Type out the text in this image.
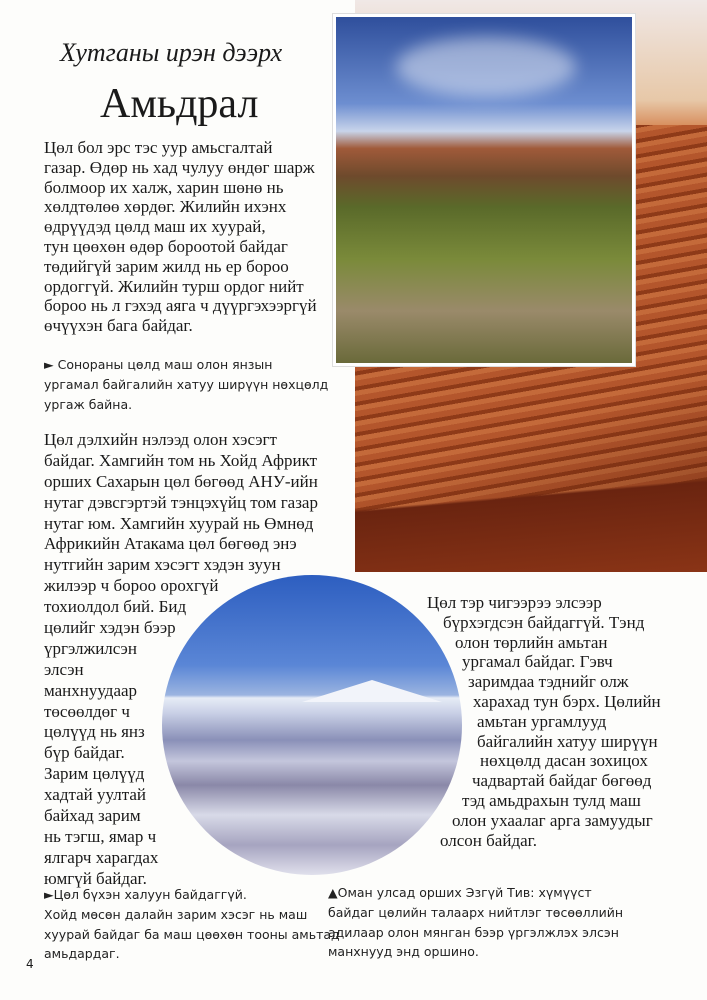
Хутганы ирэн дээрх
Амьдрал
Цөл бол эрс тэс уур амьсгалтай
газар. Өдөр нь хад чулуу өндөг шарж
болмоор их халж, харин шөнө нь
хөлдтөлөө хөрдөг. Жилийн ихэнх
өдрүүдэд цөлд маш их хуурай,
тун цөөхөн өдөр бороотой байдаг
төдийгүй зарим жилд нь ер бороо
ордоггүй. Жилийн турш ордог нийт
бороо нь л гэхэд аяга ч дүүргэхээргүй
өчүүхэн бага байдаг.
► Сонораны цөлд маш олон янзын
ургамал байгалийн хатуу ширүүн нөхцөлд
ургаж байна.
Цөл дэлхийн нэлээд олон хэсэгт
байдаг. Хамгийн том нь Хойд Африкт
орших Сахарын цөл бөгөөд АНУ-ийн
нутаг дэвсгэртэй тэнцэхүйц том газар
нутаг юм. Хамгийн хуурай нь Өмнөд
Африкийн Атакама цөл бөгөөд энэ
нутгийн зарим хэсэгт хэдэн зуун
жилээр ч бороо орохгүй
тохиолдол бий. Бид
цөлийг хэдэн бээр
үргэлжилсэн
элсэн
манхнуудаар
төсөөлдөг ч
цөлүүд нь янз
бүр байдаг.
Зарим цөлүүд
хадтай уултай
байхад зарим
нь тэгш, ямар ч
ялгарч харагдах
юмгүй байдаг.
Цөл тэр чигээрээ элсээр
бүрхэгдсэн байдаггүй. Тэнд
олон төрлийн амьтан
ургамал байдаг. Гэвч
заримдаа тэднийг олж
харахад тун бэрх. Цөлийн
амьтан ургамлууд
байгалийн хатуу ширүүн
нөхцөлд дасан зохицох
чадвартай байдаг бөгөөд
тэд амьдрахын тулд маш
олон ухаалаг арга замуудыг
олсон байдаг.
►Цөл бүхэн халуун байдаггүй.
Хойд мөсөн далайн зарим хэсэг нь маш
хуурай байдаг ба маш цөөхөн тооны амьтад
амьдардаг.
▲Оман улсад орших Эзгүй Тив: хүмүүст
байдаг цөлийн талаарх нийтлэг төсөөллийн
адилаар олон мянган бээр үргэлжлэх элсэн
манхнууд энд оршино.
4
